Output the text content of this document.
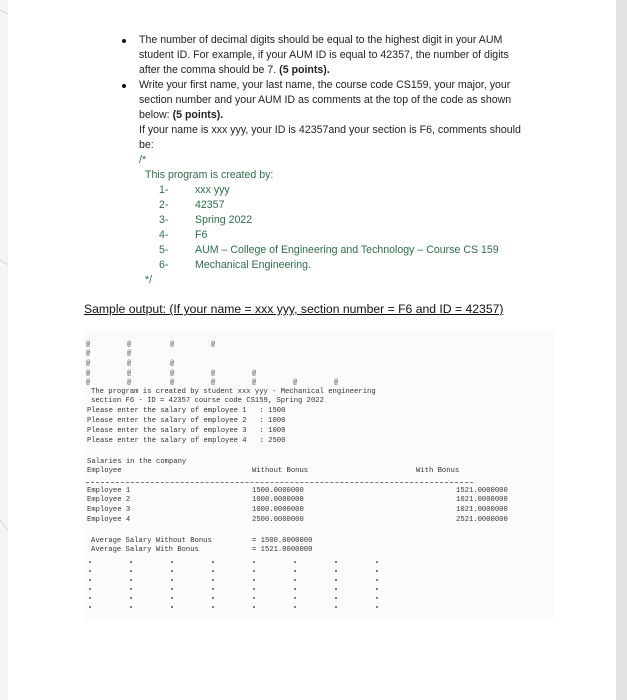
The number of decimal digits should be equal to the highest digit in your AUM
student ID. For example, if your AUM ID is equal to 42357, the number of digits
after the comma should be 7. (5 points).
Write your first name, your last name, the course code CS159, your major, your
section number and your AUM ID as comments at the top of the code as shown
below: (5 points).
If your name is xxx yyy, your ID is 42357and your section is F6, comments should
be:
/*
This program is created by:
1-	xxx yyy
2-	42357
3-	Spring 2022
4-	F6
5-	AUM – College of Engineering and Technology – Course CS 159
6-	Mechanical Engineering.
*/
Sample output: (If your name = xxx yyy, section number = F6 and ID = 42357)
@	@	@	@
@	@
@	@	@
@	@	@	@	@
@	@	@	@	@	@	@
The program is created by student xxx yyy - Mechanical engineering
section F6 - ID = 42357 course code CS159, Spring 2022
Please enter the salary of employee 1   : 1500
Please enter the salary of employee 2   : 1000
Please enter the salary of employee 3   : 1000
Please enter the salary of employee 4   : 2500
Salaries in the company
Employee	Without Bonus	With Bonus
Employee 1	1500.0000000	1521.0000000
Employee 2	1000.0000000	1021.0000000
Employee 3	1000.0000000	1021.0000000
Employee 4	2500.0000000	2521.0000000
Average Salary Without Bonus	= 1500.0000000
Average Salary With Bonus	= 1521.0000000
